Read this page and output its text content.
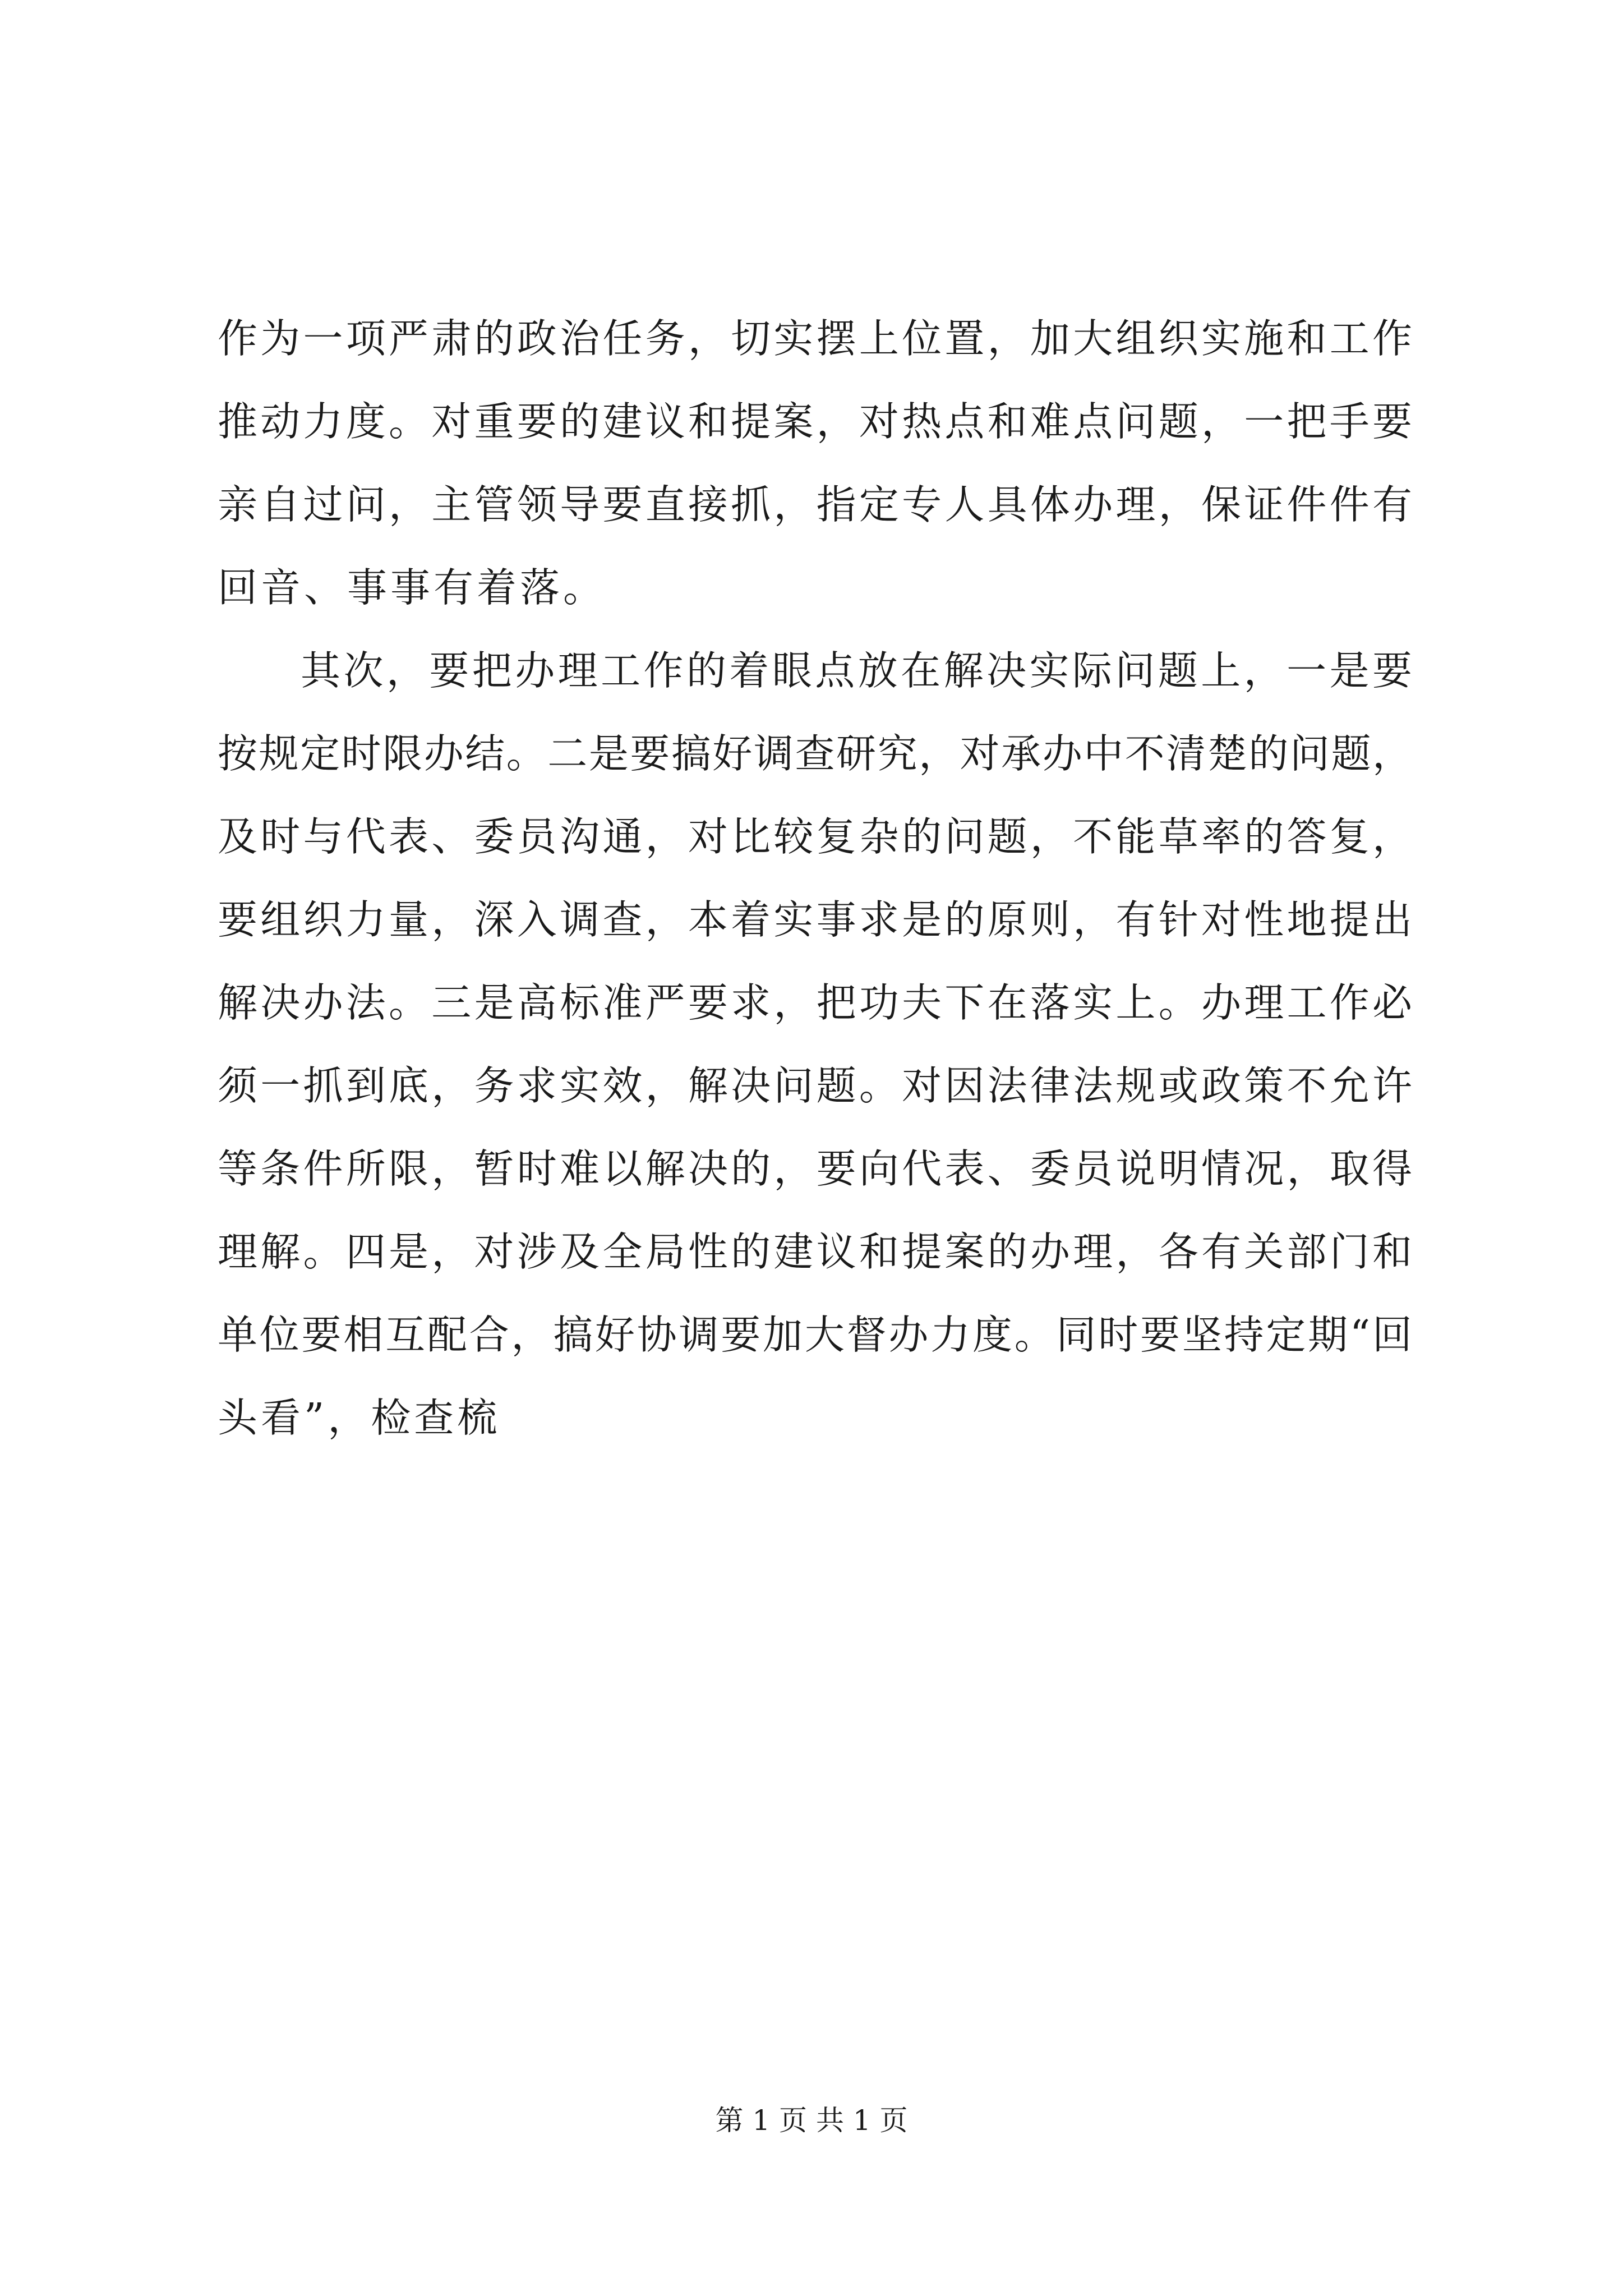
作为一项严肃的政治任务，切实摆上位置，加大组织实施和工作
推动力度。对重要的建议和提案，对热点和难点问题，一把手要
亲自过问，主管领导要直接抓，指定专人具体办理，保证件件有
回音、事事有着落。
其次，要把办理工作的着眼点放在解决实际问题上，一是要
按规定时限办结。二是要搞好调查研究，对承办中不清楚的问题，
及时与代表、委员沟通，对比较复杂的问题，不能草率的答复，
要组织力量，深入调查，本着实事求是的原则，有针对性地提出
解决办法。三是高标准严要求，把功夫下在落实上。办理工作必
须一抓到底，务求实效，解决问题。对因法律法规或政策不允许
等条件所限，暂时难以解决的，要向代表、委员说明情况，取得
理解。四是，对涉及全局性的建议和提案的办理，各有关部门和
单位要相互配合，搞好协调要加大督办力度。同时要坚持定期“回
头看”，检查梳
第 1 页 共 1 页
